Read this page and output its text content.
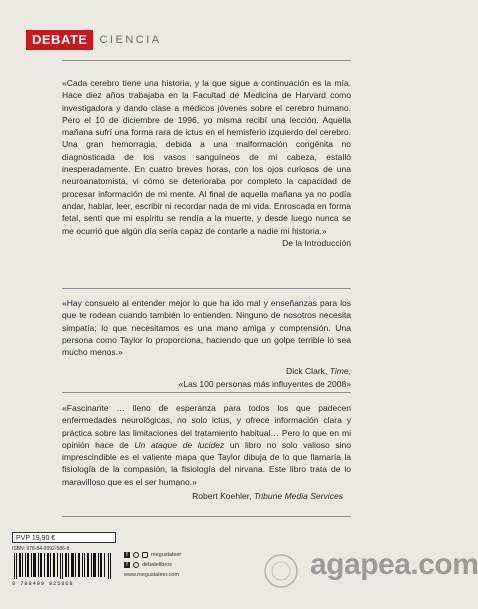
DEBATE	CIENCIA

«Cada cerebro tiene una historia, y la que sigue a continuación es la mía. Hace diez años trabajaba en la Facultad de Medicina de Harvard como investigadora y dando clase a médicos jóvenes sobre el cerebro humano. Pero el 10 de diciembre de 1996, yo misma recibí una lección. Aquella mañana sufrí una forma rara de ictus en el hemisferio izquierdo del cerebro. Una gran hemorragia, debida a una malformación congénita no diagnosticada de los vasos sanguíneos de mi cabeza, estalló inesperadamente. En cuatro breves horas, con los ojos curiosos de una neuroanatomista, vi cómo se deterioraba por completo la capacidad de procesar información de mi mente. Al final de aquella mañana ya no podía andar, hablar, leer, escribir ni recordar nada de mi vida. Enroscada en forma fetal, sentí que mi espíritu se rendía a la muerte, y desde luego nunca se me ocurrió que algún día sería capaz de contarle a nadie mi historia.»

De la Introducción

«Hay consuelo al entender mejor lo que ha ido mal y enseñanzas para los que te rodean cuando también lo entienden. Ninguno de nosotros necesita simpatía; lo que necesitamos es una mano amiga y comprensión. Una persona como Taylor lo proporciona, haciendo que un golpe terrible lo sea mucho menos.»

Dick Clark, Time,
«Las 100 personas más influyentes de 2008»

«Fascinante … lleno de esperanza para todos los que padecen enfermedades neurológicas, no solo ictus, y ofrece información clara y práctica sobre las limitaciones del tratamiento habitual… Pero lo que en mi opinión hace de Un ataque de lucidez un libro no solo valioso sino imprescindible es el valiente mapa que Taylor dibuja de lo que llamaría la fisiología de la compasión, la fisiología del nirvana. Este libro trata de lo maravilloso que es el ser humano.»

Robert Koehler, Tribune Media Services
PVP 19,90 €
ISBN: 978-84-9992-586-8
9 788499 925868
f	megustaleer
f	debatelibros
www.megustaleer.com	agapea.com
